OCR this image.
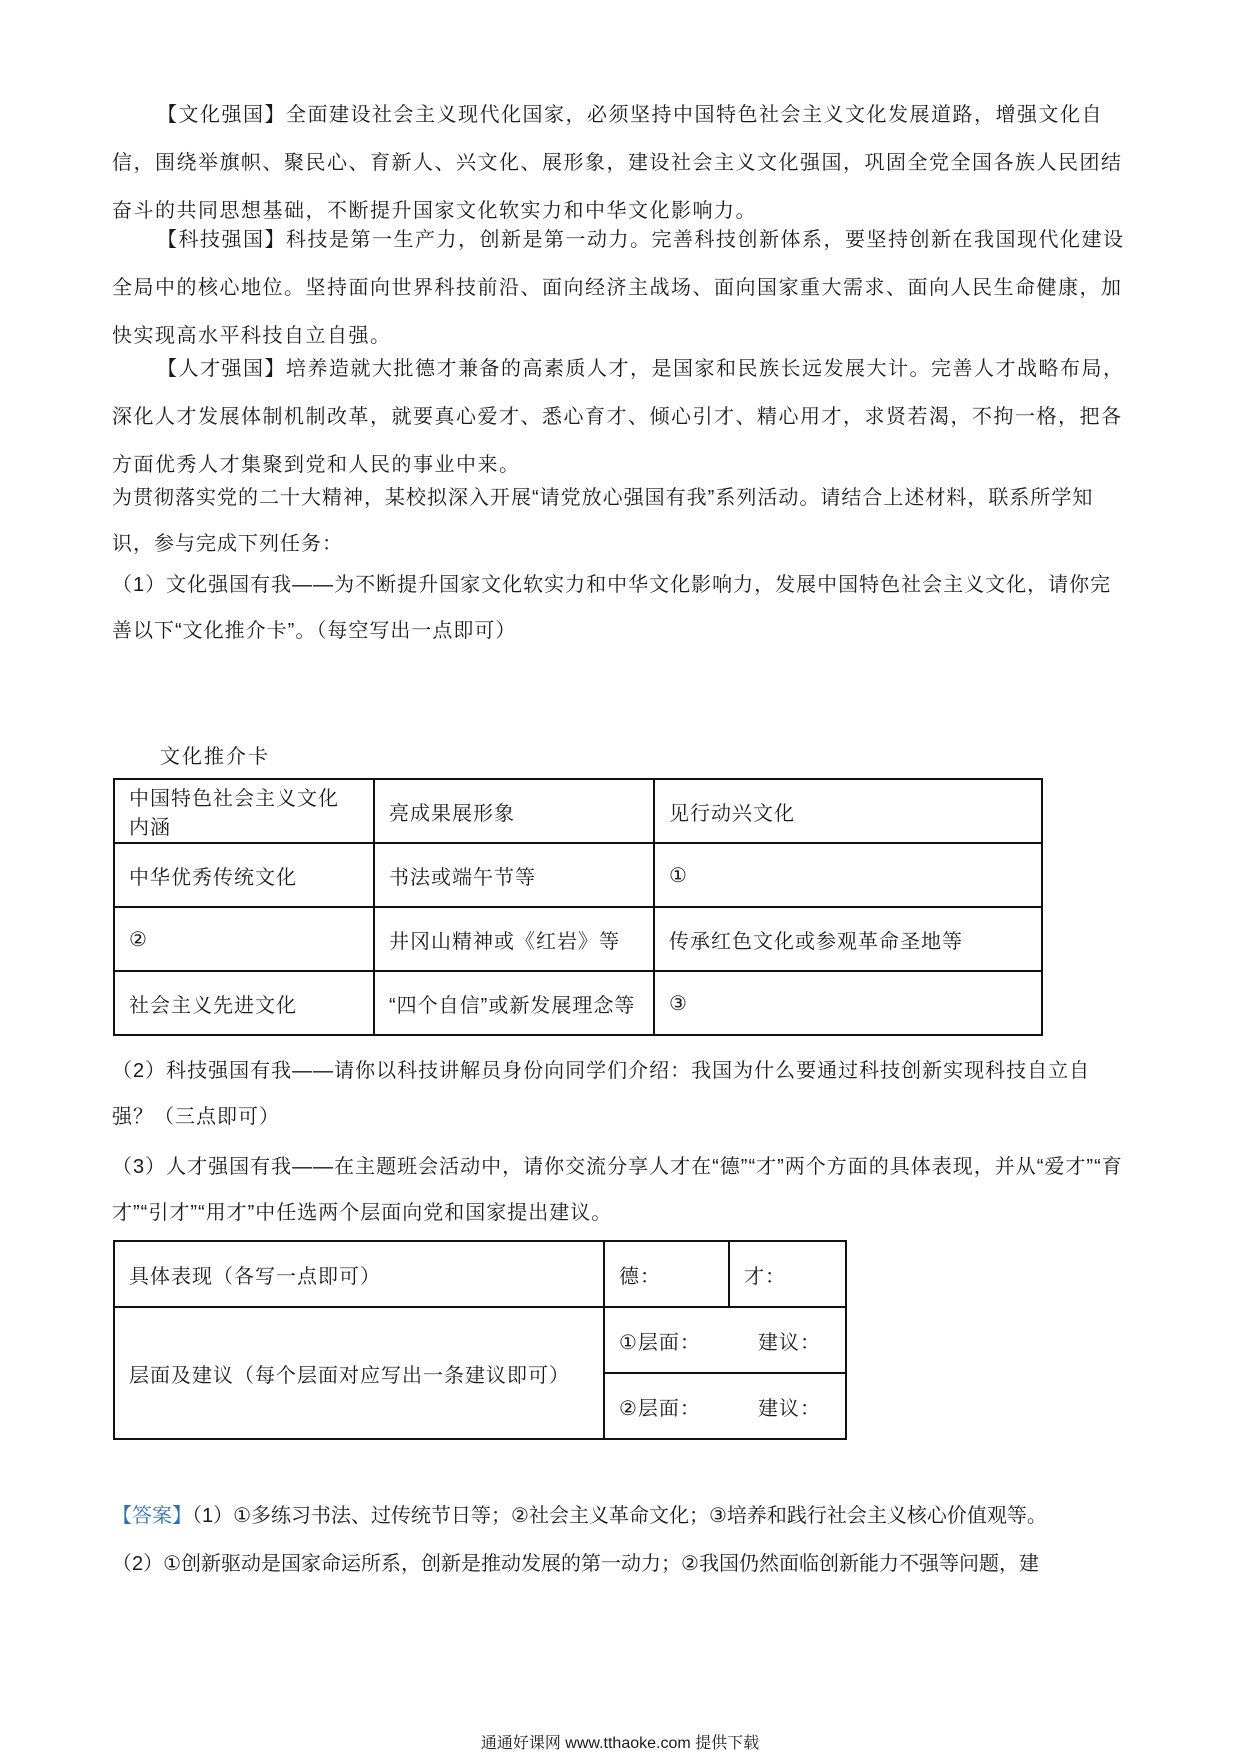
【文化强国】全面建设社会主义现代化国家，必须坚持中国特色社会主义文化发展道路，增强文化自信，围绕举旗帜、聚民心、育新人、兴文化、展形象，建设社会主义文化强国，巩固全党全国各族人民团结奋斗的共同思想基础，不断提升国家文化软实力和中华文化影响力。

【科技强国】科技是第一生产力，创新是第一动力。完善科技创新体系，要坚持创新在我国现代化建设全局中的核心地位。坚持面向世界科技前沿、面向经济主战场、面向国家重大需求、面向人民生命健康，加快实现高水平科技自立自强。

【人才强国】培养造就大批德才兼备的高素质人才，是国家和民族长远发展大计。完善人才战略布局，深化人才发展体制机制改革，就要真心爱才、悉心育才、倾心引才、精心用才，求贤若渴，不拘一格，把各方面优秀人才集聚到党和人民的事业中来。

为贯彻落实党的二十大精神，某校拟深入开展“请党放心强国有我”系列活动。请结合上述材料，联系所学知识，参与完成下列任务：

（1）文化强国有我——为不断提升国家文化软实力和中华文化影响力，发展中国特色社会主义文化，请你完善以下“文化推介卡”。（每空写出一点即可）

文化推介卡
中国特色社会主义文化内涵	亮成果展形象	见行动兴文化
中华优秀传统文化	书法或端午节等	①
②	井冈山精神或《红岩》等	传承红色文化或参观革命圣地等
社会主义先进文化	“四个自信”或新发展理念等	③

（2）科技强国有我——请你以科技讲解员身份向同学们介绍：我国为什么要通过科技创新实现科技自立自强？（三点即可）

（3）人才强国有我——在主题班会活动中，请你交流分享人才在“德”“才”两个方面的具体表现，并从“爱才”“育才”“引才”“用才”中任选两个层面向党和国家提出建议。

具体表现（各写一点即可）	德：	才：
层面及建议（每个层面对应写出一条建议即可）	①层面： 建议：	

	②层面： 建议：	

【答案】（1）①多练习书法、过传统节日等；②社会主义革命文化；③培养和践行社会主义核心价值观等。

（2）①创新驱动是国家命运所系，创新是推动发展的第一动力；②我国仍然面临创新能力不强等问题，建

通通好课网 www.tthaoke.com 提供下载
